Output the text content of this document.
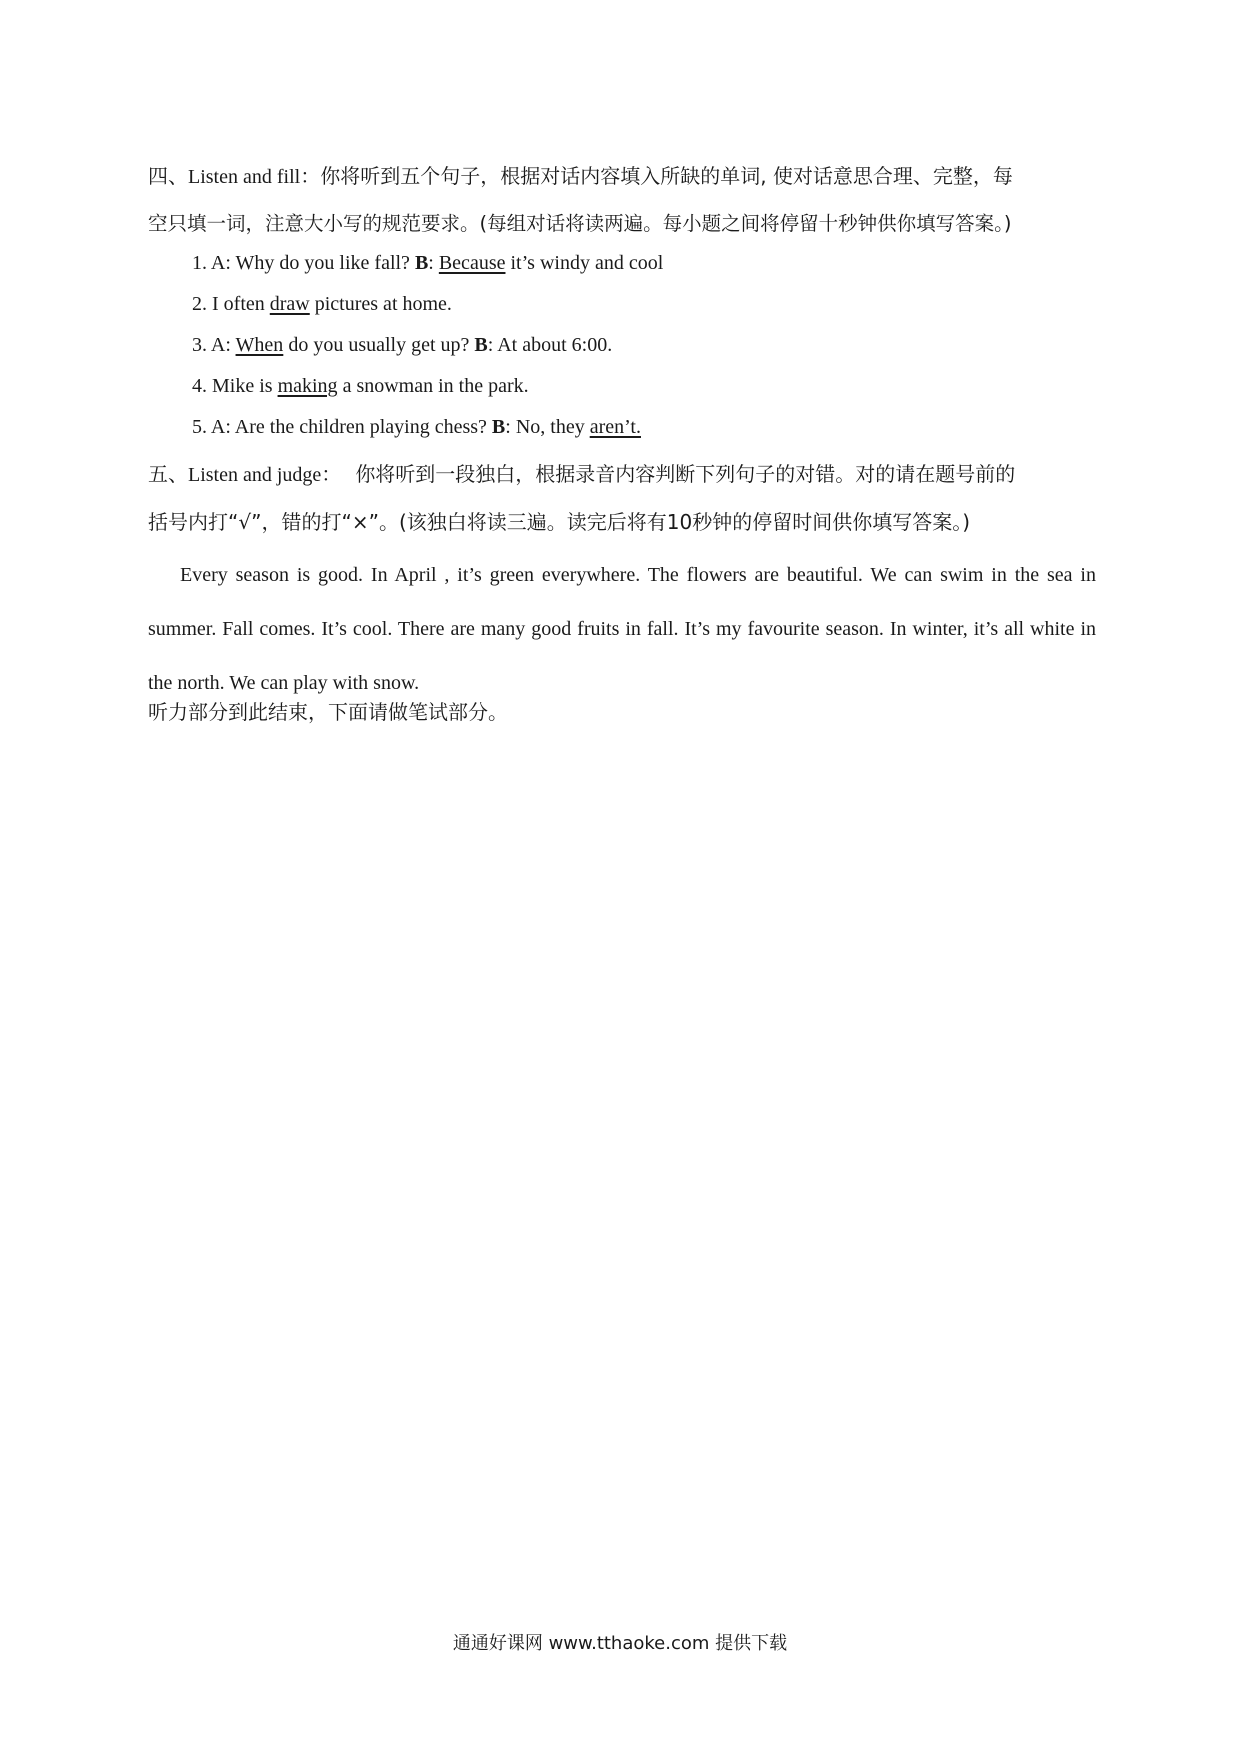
四、Listen and fill：你将听到五个句子，根据对话内容填入所缺的单词, 使对话意思合理、完整，每
空只填一词，注意大小写的规范要求。(每组对话将读两遍。每小题之间将停留十秒钟供你填写答案。)
1. A: Why do you like fall? B: Because it’s windy and cool
2. I often draw pictures at home.
3. A: When do you usually get up? B: At about 6:00.
4. Mike is making a snowman in the park.
5. A: Are the children playing chess? B: No, they aren’t.
五、Listen and judge： 你将听到一段独白，根据录音内容判断下列句子的对错。对的请在题号前的
括号内打“√”，错的打“×”。(该独白将读三遍。读完后将有10秒钟的停留时间供你填写答案。)
Every season is good. In April , it’s green everywhere. The flowers are beautiful. We can swim in the sea in summer. Fall comes. It’s cool. There are many good fruits in fall. It’s my favourite season. In winter, it’s all white in the north. We can play with snow.
听力部分到此结束，下面请做笔试部分。
通通好课网 www.tthaoke.com 提供下载
